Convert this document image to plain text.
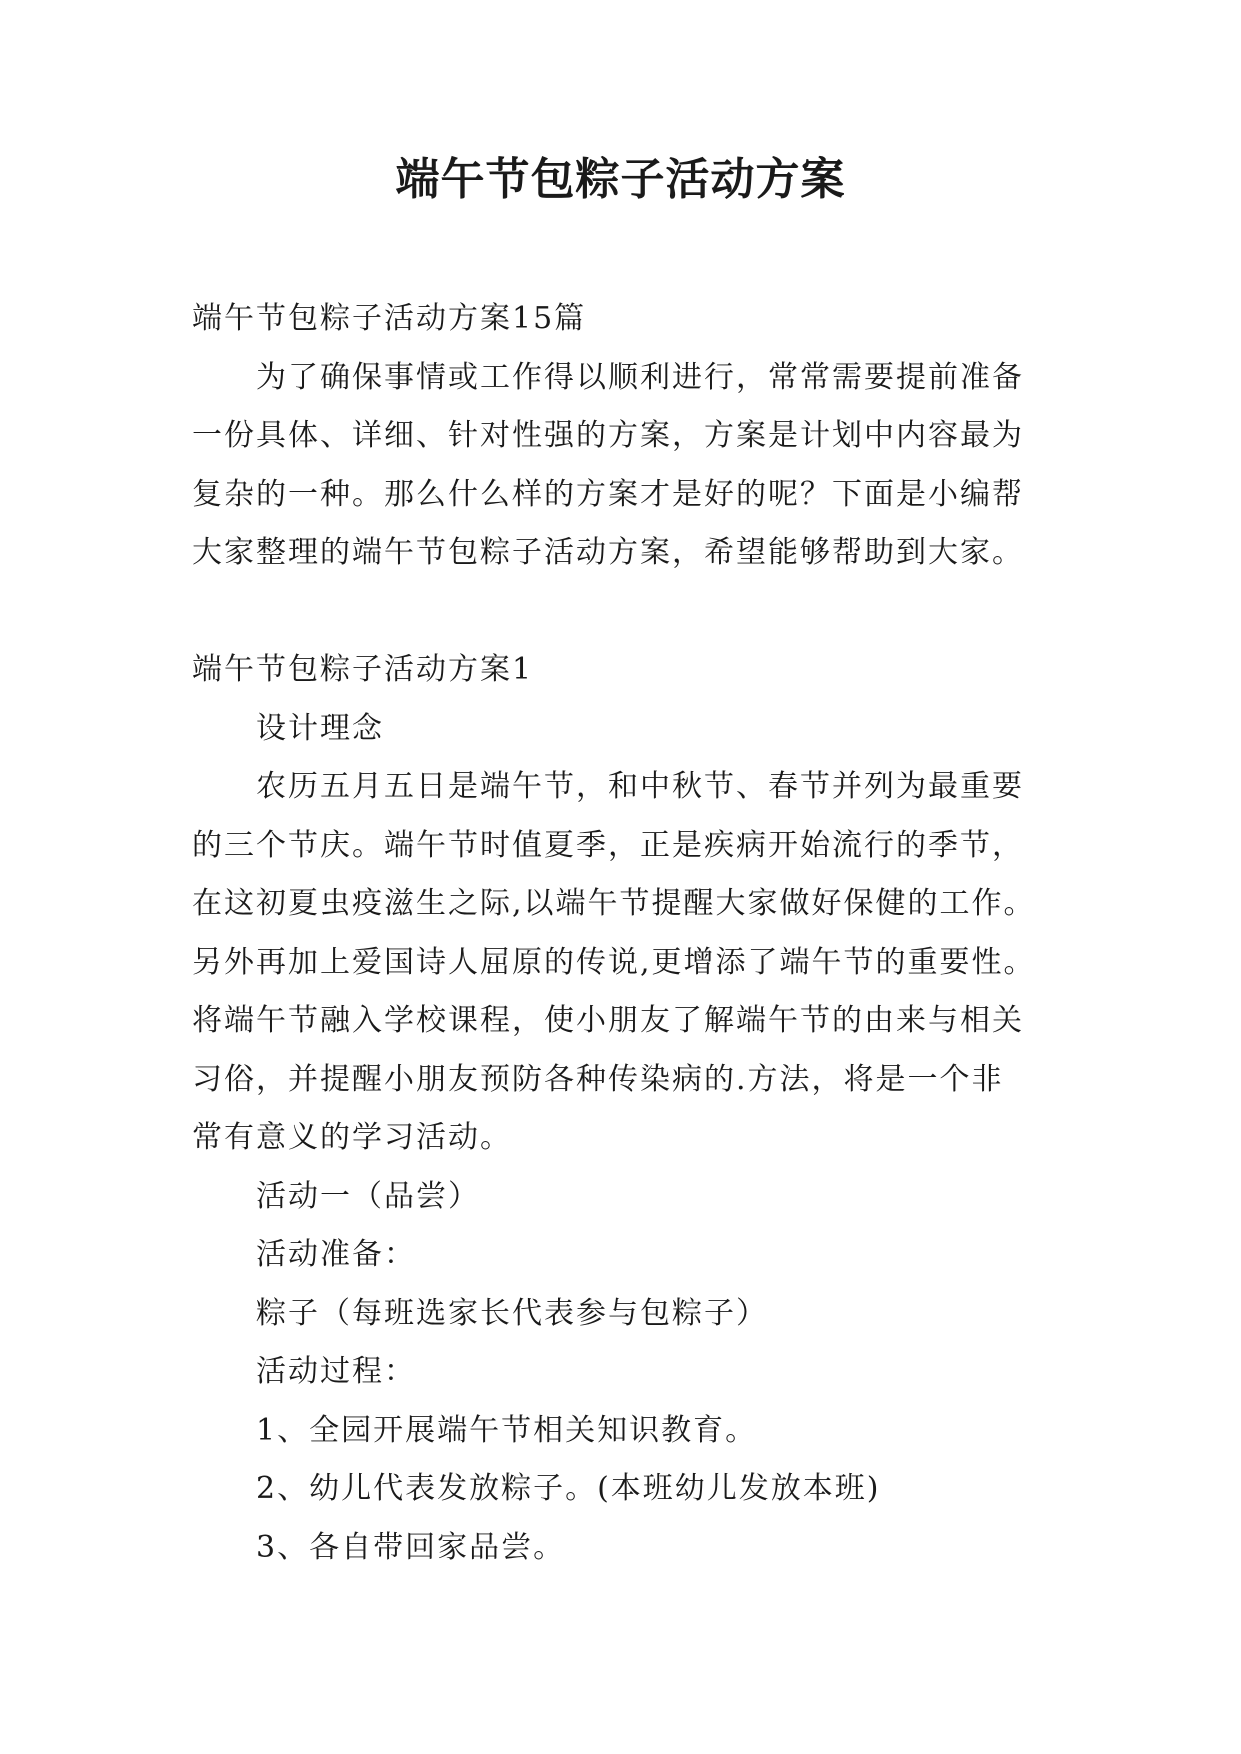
端午节包粽子活动方案
端午节包粽子活动方案15篇
为了确保事情或工作得以顺利进行，常常需要提前准备
一份具体、详细、针对性强的方案，方案是计划中内容最为
复杂的一种。那么什么样的方案才是好的呢？下面是小编帮
大家整理的端午节包粽子活动方案，希望能够帮助到大家。
端午节包粽子活动方案1
设计理念
农历五月五日是端午节，和中秋节、春节并列为最重要
的三个节庆。端午节时值夏季，正是疾病开始流行的季节，
在这初夏虫疫滋生之际,以端午节提醒大家做好保健的工作。
另外再加上爱国诗人屈原的传说,更增添了端午节的重要性。
将端午节融入学校课程，使小朋友了解端午节的由来与相关
习俗，并提醒小朋友预防各种传染病的.方法，将是一个非
常有意义的学习活动。
活动一（品尝）
活动准备：
粽子（每班选家长代表参与包粽子）
活动过程：
1、全园开展端午节相关知识教育。
2、幼儿代表发放粽子。(本班幼儿发放本班)
3、各自带回家品尝。
